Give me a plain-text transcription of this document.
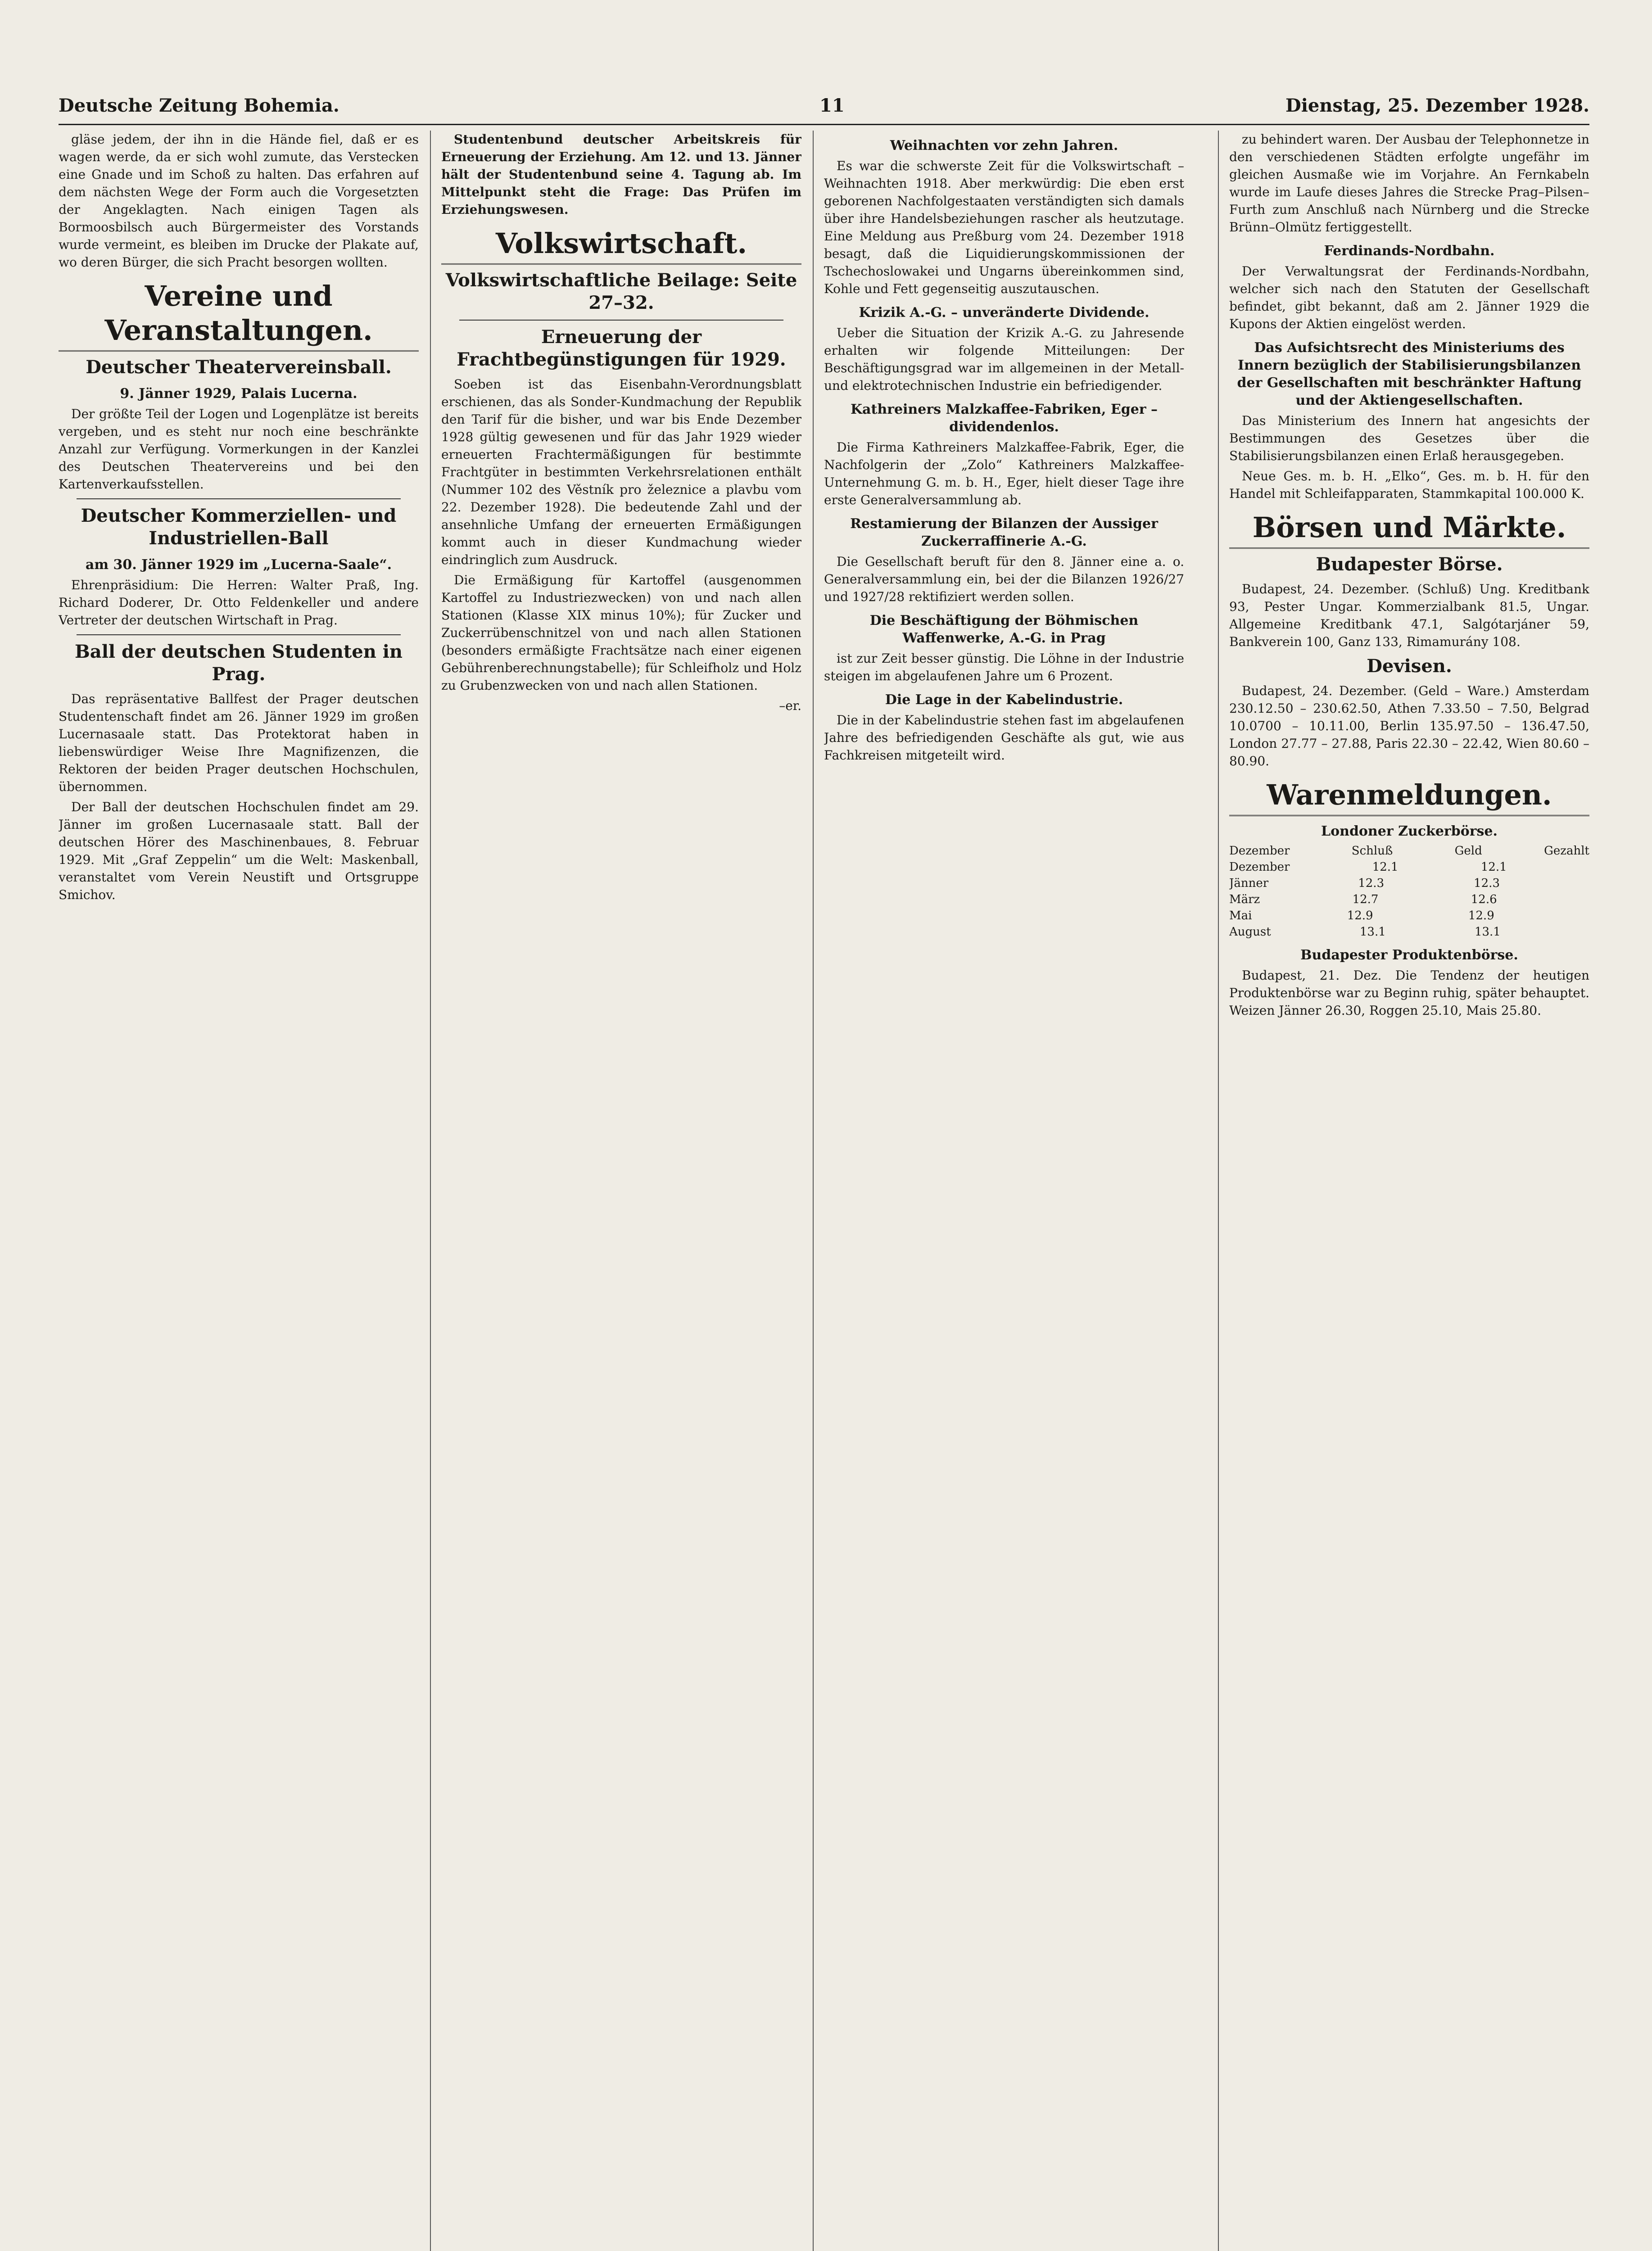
Deutsche Zeitung Bohemia.	11	Dienstag, 25. Dezember 1928.

gläse jedem, der ihn in die Hände fiel, daß er es wagen werde, da er sich wohl zumute, das Verstecken eine Gnade und im Schoß zu halten. Das erfahren auf dem nächsten Wege der Form auch die Vorgesetzten der Angeklagten. Nach einigen Tagen als Bormoosbilsch auch Bürgermeister des Vorstands wurde vermeint, es bleiben im Drucke der Plakate auf, wo deren Bürger, die sich Pracht besorgen wollten.

Vereine und Veranstaltungen.
Deutscher Theatervereinsball.
9. Jänner 1929, Palais Lucerna.

Der größte Teil der Logen und Logenplätze ist bereits vergeben, und es steht nur noch eine beschränkte Anzahl zur Verfügung. Vormerkungen in der Kanzlei des Deutschen Theatervereins und bei den Kartenverkaufsstellen.

Deutscher Kommerziellen- und Industriellen-Ball
am 30. Jänner 1929 im „Lucerna-Saale“.

Ehrenpräsidium: Die Herren: Walter Praß, Ing. Richard Doderer, Dr. Otto Feldenkeller und andere Vertreter der deutschen Wirtschaft in Prag.

Ball der deutschen Studenten in Prag.

Das repräsentative Ballfest der Prager deutschen Studentenschaft findet am 26. Jänner 1929 im großen Lucernasaale statt. Das Protektorat haben in liebenswürdiger Weise Ihre Magnifizenzen, die Rektoren der beiden Prager deutschen Hochschulen, übernommen.

Der Ball der deutschen Hochschulen findet am 29. Jänner im großen Lucernasaale statt. Ball der deutschen Hörer des Maschinenbaues, 8. Februar 1929. Mit „Graf Zeppelin“ um die Welt: Maskenball, veranstaltet vom Verein Neustift und Ortsgruppe Smichov.

Studentenbund deutscher Arbeitskreis für Erneuerung der Erziehung. Am 12. und 13. Jänner hält der Studentenbund seine 4. Tagung ab. Im Mittelpunkt steht die Frage: Das Prüfen im Erziehungswesen.

Volkswirtschaft.
Volkswirtschaftliche Beilage: Seite 27–32.
Erneuerung der Frachtbegünstigungen für 1929.

Soeben ist das Eisenbahn-Verordnungsblatt erschienen, das als Sonder-Kundmachung der Republik den Tarif für die bisher, und war bis Ende Dezember 1928 gültig gewesenen und für das Jahr 1929 wieder erneuerten Frachtermäßigungen für bestimmte Frachtgüter in bestimmten Verkehrsrelationen enthält (Nummer 102 des Věstník pro železnice a plavbu vom 22. Dezember 1928). Die bedeutende Zahl und der ansehnliche Umfang der erneuerten Ermäßigungen kommt auch in dieser Kundmachung wieder eindringlich zum Ausdruck.

Die Ermäßigung für Kartoffel (ausgenommen Kartoffel zu Industriezwecken) von und nach allen Stationen (Klasse XIX minus 10%); für Zucker und Zuckerrübenschnitzel von und nach allen Stationen (besonders ermäßigte Frachtsätze nach einer eigenen Gebührenberechnungstabelle); für Schleifholz und Holz zu Grubenzwecken von und nach allen Stationen.

–er.

Weihnachten vor zehn Jahren.

Es war die schwerste Zeit für die Volkswirtschaft – Weihnachten 1918. Aber merkwürdig: Die eben erst geborenen Nachfolgestaaten verständigten sich damals über ihre Handelsbeziehungen rascher als heutzutage. Eine Meldung aus Preßburg vom 24. Dezember 1918 besagt, daß die Liquidierungskommissionen der Tschechoslowakei und Ungarns übereinkommen sind, Kohle und Fett gegenseitig auszutauschen.

Krizik A.-G. – unveränderte Dividende.

Ueber die Situation der Krizik A.-G. zu Jahresende erhalten wir folgende Mitteilungen: Der Beschäftigungsgrad war im allgemeinen in der Metall- und elektrotechnischen Industrie ein befriedigender.

Kathreiners Malzkaffee-Fabriken, Eger – dividendenlos.

Die Firma Kathreiners Malzkaffee-Fabrik, Eger, die Nachfolgerin der „Zolo“ Kathreiners Malzkaffee-Unternehmung G. m. b. H., Eger, hielt dieser Tage ihre erste Generalversammlung ab.

Restamierung der Bilanzen der Aussiger Zuckerraffinerie A.-G.

Die Gesellschaft beruft für den 8. Jänner eine a. o. Generalversammlung ein, bei der die Bilanzen 1926/27 und 1927/28 rektifiziert werden sollen.

Die Beschäftigung der Böhmischen Waffenwerke, A.-G. in Prag

ist zur Zeit besser günstig. Die Löhne in der Industrie steigen im abgelaufenen Jahre um 6 Prozent.

Die Lage in der Kabelindustrie.

Die in der Kabelindustrie stehen fast im abgelaufenen Jahre des befriedigenden Geschäfte als gut, wie aus Fachkreisen mitgeteilt wird.

zu behindert waren. Der Ausbau der Telephonnetze in den verschiedenen Städten erfolgte ungefähr im gleichen Ausmaße wie im Vorjahre. An Fernkabeln wurde im Laufe dieses Jahres die Strecke Prag–Pilsen–Furth zum Anschluß nach Nürnberg und die Strecke Brünn–Olmütz fertiggestellt.

Ferdinands-Nordbahn.

Der Verwaltungsrat der Ferdinands-Nordbahn, welcher sich nach den Statuten der Gesellschaft befindet, gibt bekannt, daß am 2. Jänner 1929 die Kupons der Aktien eingelöst werden.

Das Aufsichtsrecht des Ministeriums des Innern bezüglich der Stabilisierungsbilanzen der Gesellschaften mit beschränkter Haftung und der Aktiengesellschaften.

Das Ministerium des Innern hat angesichts der Bestimmungen des Gesetzes über die Stabilisierungsbilanzen einen Erlaß herausgegeben.

Neue Ges. m. b. H. „Elko“, Ges. m. b. H. für den Handel mit Schleifapparaten, Stammkapital 100.000 K.

Börsen und Märkte.
Budapester Börse.

Budapest, 24. Dezember. (Schluß) Ung. Kreditbank 93, Pester Ungar. Kommerzialbank 81.5, Ungar. Allgemeine Kreditbank 47.1, Salgótarjáner 59, Bankverein 100, Ganz 133, Rimamurány 108.

Devisen.

Budapest, 24. Dezember. (Geld – Ware.) Amsterdam 230.12.50 – 230.62.50, Athen 7.33.50 – 7.50, Belgrad 10.0700 – 10.11.00, Berlin 135.97.50 – 136.47.50, London 27.77 – 27.88, Paris 22.30 – 22.42, Wien 80.60 – 80.90.

Warenmeldungen.
Londoner Zuckerbörse.
Dezember	Schluß	Geld	Gezahlt
Dezember	12.1	12.1
Jänner	12.3	12.3
März	12.7	12.6
Mai	12.9	12.9
August	13.1	13.1
Budapester Produktenbörse.

Budapest, 21. Dez. Die Tendenz der heutigen Produktenbörse war zu Beginn ruhig, später behauptet. Weizen Jänner 26.30, Roggen 25.10, Mais 25.80.
